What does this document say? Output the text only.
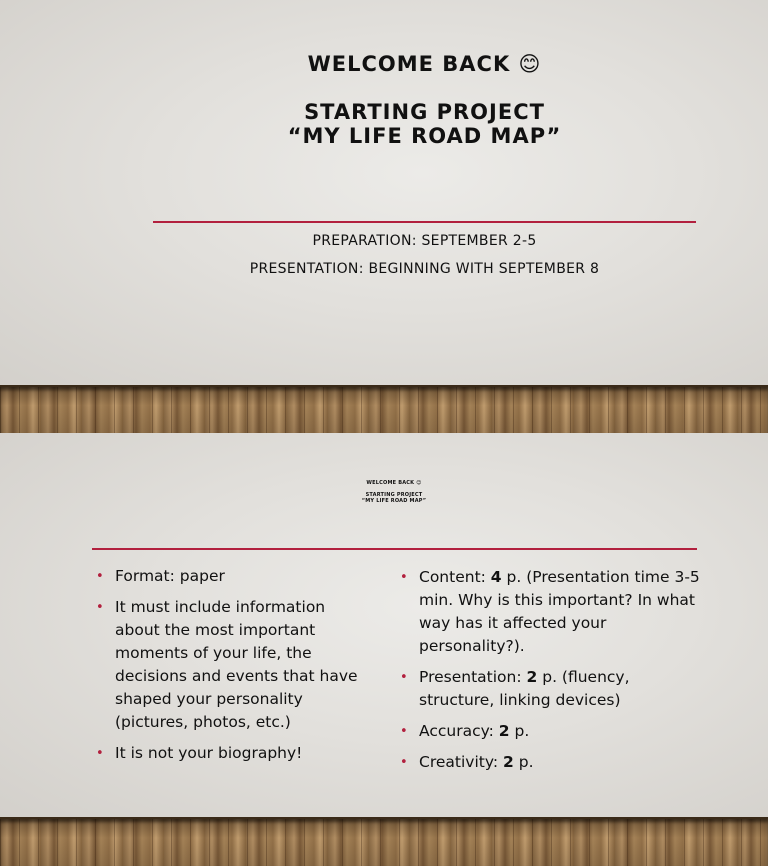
WELCOME BACK 😊
STARTING PROJECT
“MY LIFE ROAD MAP”
PREPARATION: SEPTEMBER 2-5
PRESENTATION: BEGINNING WITH SEPTEMBER 8
WELCOME BACK 😊
STARTING PROJECT
“MY LIFE ROAD MAP”
• Format: paper
• It must include information about the most important moments of your life, the decisions and events that have shaped your personality (pictures, photos, etc.)
• It is not your biography!
• Content: 4 p. (Presentation time 3-5 min. Why is this important? In what way has it affected your personality?).
• Presentation: 2 p. (fluency, structure, linking devices)
• Accuracy: 2 p.
• Creativity: 2 p.
